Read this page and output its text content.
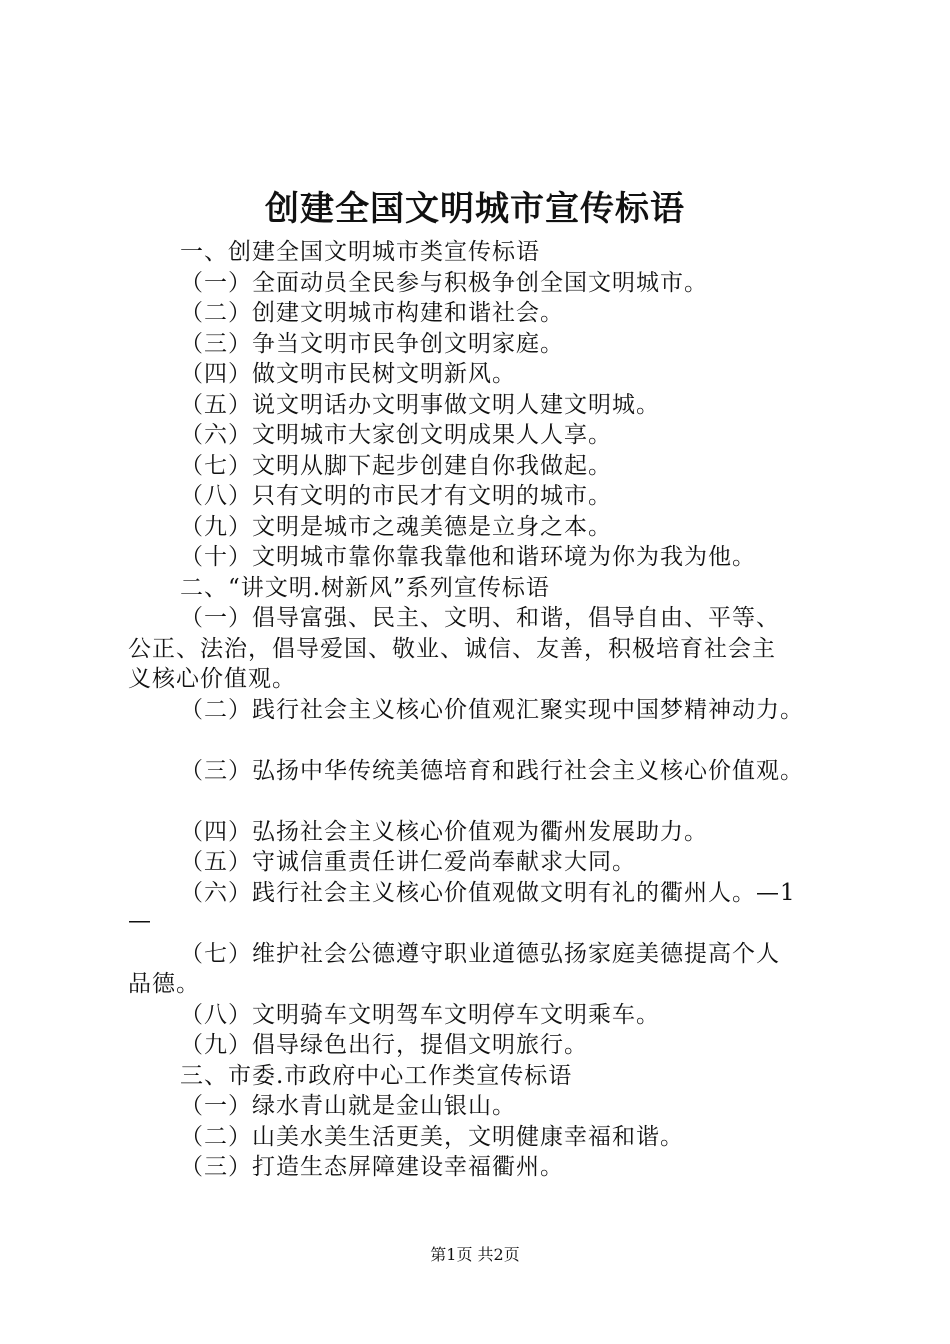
创建全国文明城市宣传标语
一、创建全国文明城市类宣传标语
（一）全面动员全民参与积极争创全国文明城市。
（二）创建文明城市构建和谐社会。
（三）争当文明市民争创文明家庭。
（四）做文明市民树文明新风。
（五）说文明话办文明事做文明人建文明城。
（六）文明城市大家创文明成果人人享。
（七）文明从脚下起步创建自你我做起。
（八）只有文明的市民才有文明的城市。
（九）文明是城市之魂美德是立身之本。
（十）文明城市靠你靠我靠他和谐环境为你为我为他。
二、“讲文明.树新风”系列宣传标语
（一）倡导富强、民主、文明、和谐，倡导自由、平等、
公正、法治，倡导爱国、敬业、诚信、友善，积极培育社会主
义核心价值观。
（二）践行社会主义核心价值观汇聚实现中国梦精神动力。
（三）弘扬中华传统美德培育和践行社会主义核心价值观。
（四）弘扬社会主义核心价值观为衢州发展助力。
（五）守诚信重责任讲仁爱尚奉献求大同。
（六）践行社会主义核心价值观做文明有礼的衢州人。—1
—
（七）维护社会公德遵守职业道德弘扬家庭美德提高个人
品德。
（八）文明骑车文明驾车文明停车文明乘车。
（九）倡导绿色出行，提倡文明旅行。
三、市委.市政府中心工作类宣传标语
（一）绿水青山就是金山银山。
（二）山美水美生活更美，文明健康幸福和谐。
（三）打造生态屏障建设幸福衢州。
第1页 共2页
